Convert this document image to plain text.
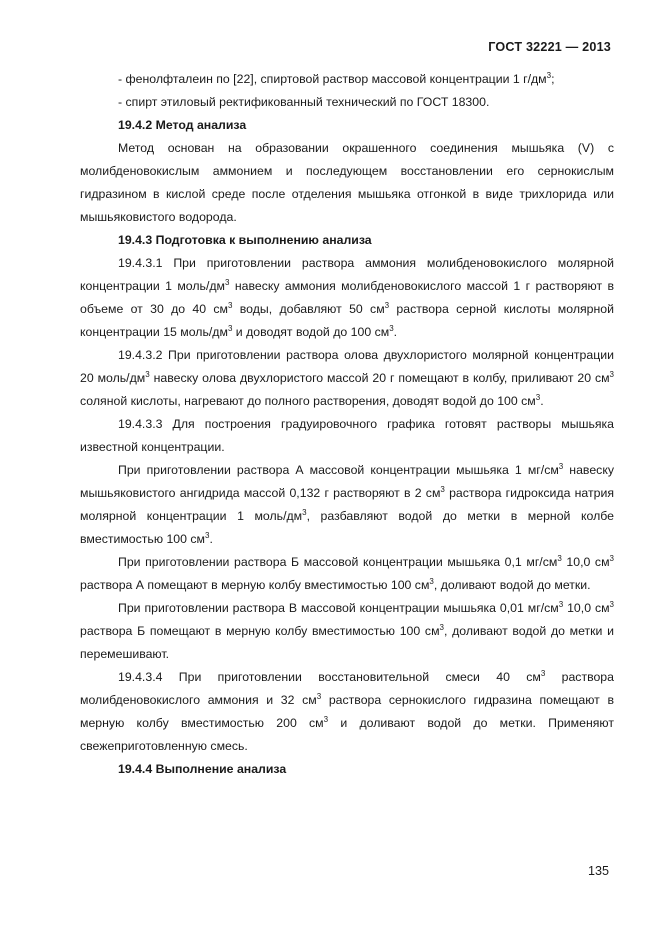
ГОСТ 32221 — 2013

- фенолфталеин по [22], спиртовой раствор массовой концентрации 1 $г/дм^3$;

- спирт этиловый ректификованный технический по ГОСТ 18300.

19.4.2 Метод анализа

Метод основан на образовании окрашенного соединения мышьяка (V) с молибденовокислым аммонием и последующем восстановлении его сернокислым гидразином в кислой среде после отделения мышьяка отгонкой в виде трихлорида или мышьяковистого водорода.

19.4.3 Подготовка к выполнению анализа

19.4.3.1 При приготовлении раствора аммония молибденовокислого молярной концентрации 1 моль/$дм^3$ навеску аммония молибденовокислого массой 1 г растворяют в объеме от 30 до 40 $см^3$ воды, добавляют 50 $см^3$ раствора серной кислоты молярной концентрации 15 моль/$дм^3$ и доводят водой до 100 $см^3$.

19.4.3.2 При приготовлении раствора олова двухлористого молярной концентрации 20 моль/$дм^3$ навеску олова двухлористого массой 20 г помещают в колбу, приливают 20 $см^3$ соляной кислоты, нагревают до полного растворения, доводят водой до 100 $см^3$.

19.4.3.3 Для построения градуировочного графика готовят растворы мышьяка известной концентрации.

При приготовлении раствора А массовой концентрации мышьяка 1 $мг/см^3$ навеску мышьяковистого ангидрида массой 0,132 г растворяют в 2 $см^3$ раствора гидроксида натрия молярной концентрации 1 моль/$дм^3$, разбавляют водой до метки в мерной колбе вместимостью 100 $см^3$.

При приготовлении раствора Б массовой концентрации мышьяка 0,1 $мг/см^3$ 10,0 $см^3$ раствора А помещают в мерную колбу вместимостью 100 $см^3$, доливают водой до метки.

При приготовлении раствора В массовой концентрации мышьяка 0,01 $мг/см^3$ 10,0 $см^3$ раствора Б помещают в мерную колбу вместимостью 100 $см^3$, доливают водой до метки и перемешивают.

19.4.3.4 При приготовлении восстановительной смеси 40 $см^3$ раствора молибденовокислого аммония и 32 $см^3$ раствора сернокислого гидразина помещают в мерную колбу вместимостью 200 $см^3$ и доливают водой до метки. Применяют свежеприготовленную смесь.

19.4.4 Выполнение анализа

135
